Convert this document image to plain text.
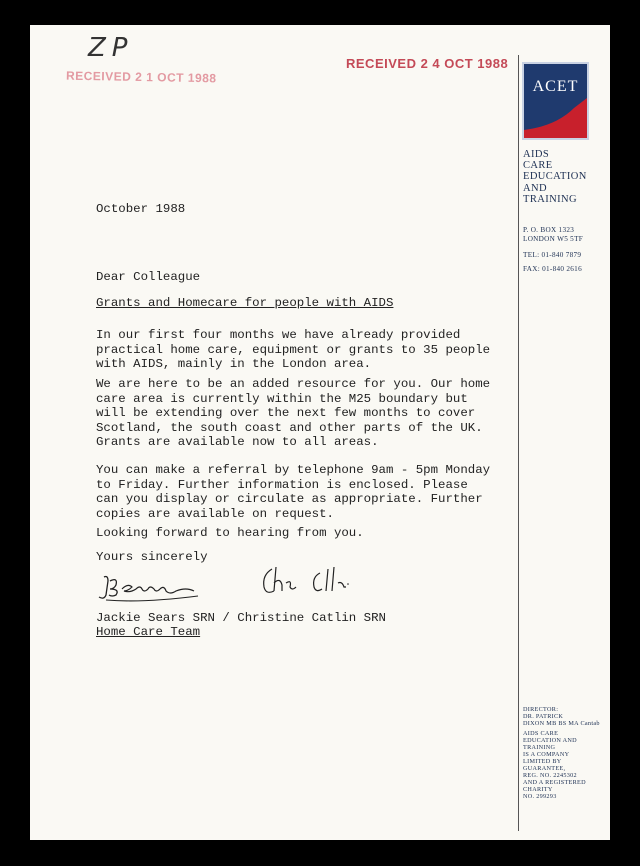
ZP
RECEIVED 2 1 OCT 1988
RECEIVED 2 4 OCT 1988
ACET
AIDS
CARE
EDUCATION
AND
TRAINING
P. O. BOX 1323
LONDON W5 5TF
TEL: 01-840 7879
FAX: 01-840 2616
DIRECTOR:
DR. PATRICK
DIXON MB BS MA Cantab
AIDS CARE
EDUCATION AND
TRAINING
IS A COMPANY
LIMITED BY
GUARANTEE,
REG. NO. 2245302
AND A REGISTERED
CHARITY
NO. 299293
October 1988
Dear Colleague
Grants and Homecare for people with AIDS
In our first four months we have already provided
practical home care, equipment or grants to 35 people
with AIDS, mainly in the London area.
We are here to be an added resource for you. Our home
care area is currently within the M25 boundary but
will be extending over the next few months to cover
Scotland, the south coast and other parts of the UK.
Grants are available now to all areas.
You can make a referral by telephone 9am - 5pm Monday
to Friday. Further information is enclosed. Please
can you display or circulate as appropriate. Further
copies are available on request.
Looking forward to hearing from you.
Yours sincerely
Jackie Sears SRN / Christine Catlin SRN
Home Care Team
